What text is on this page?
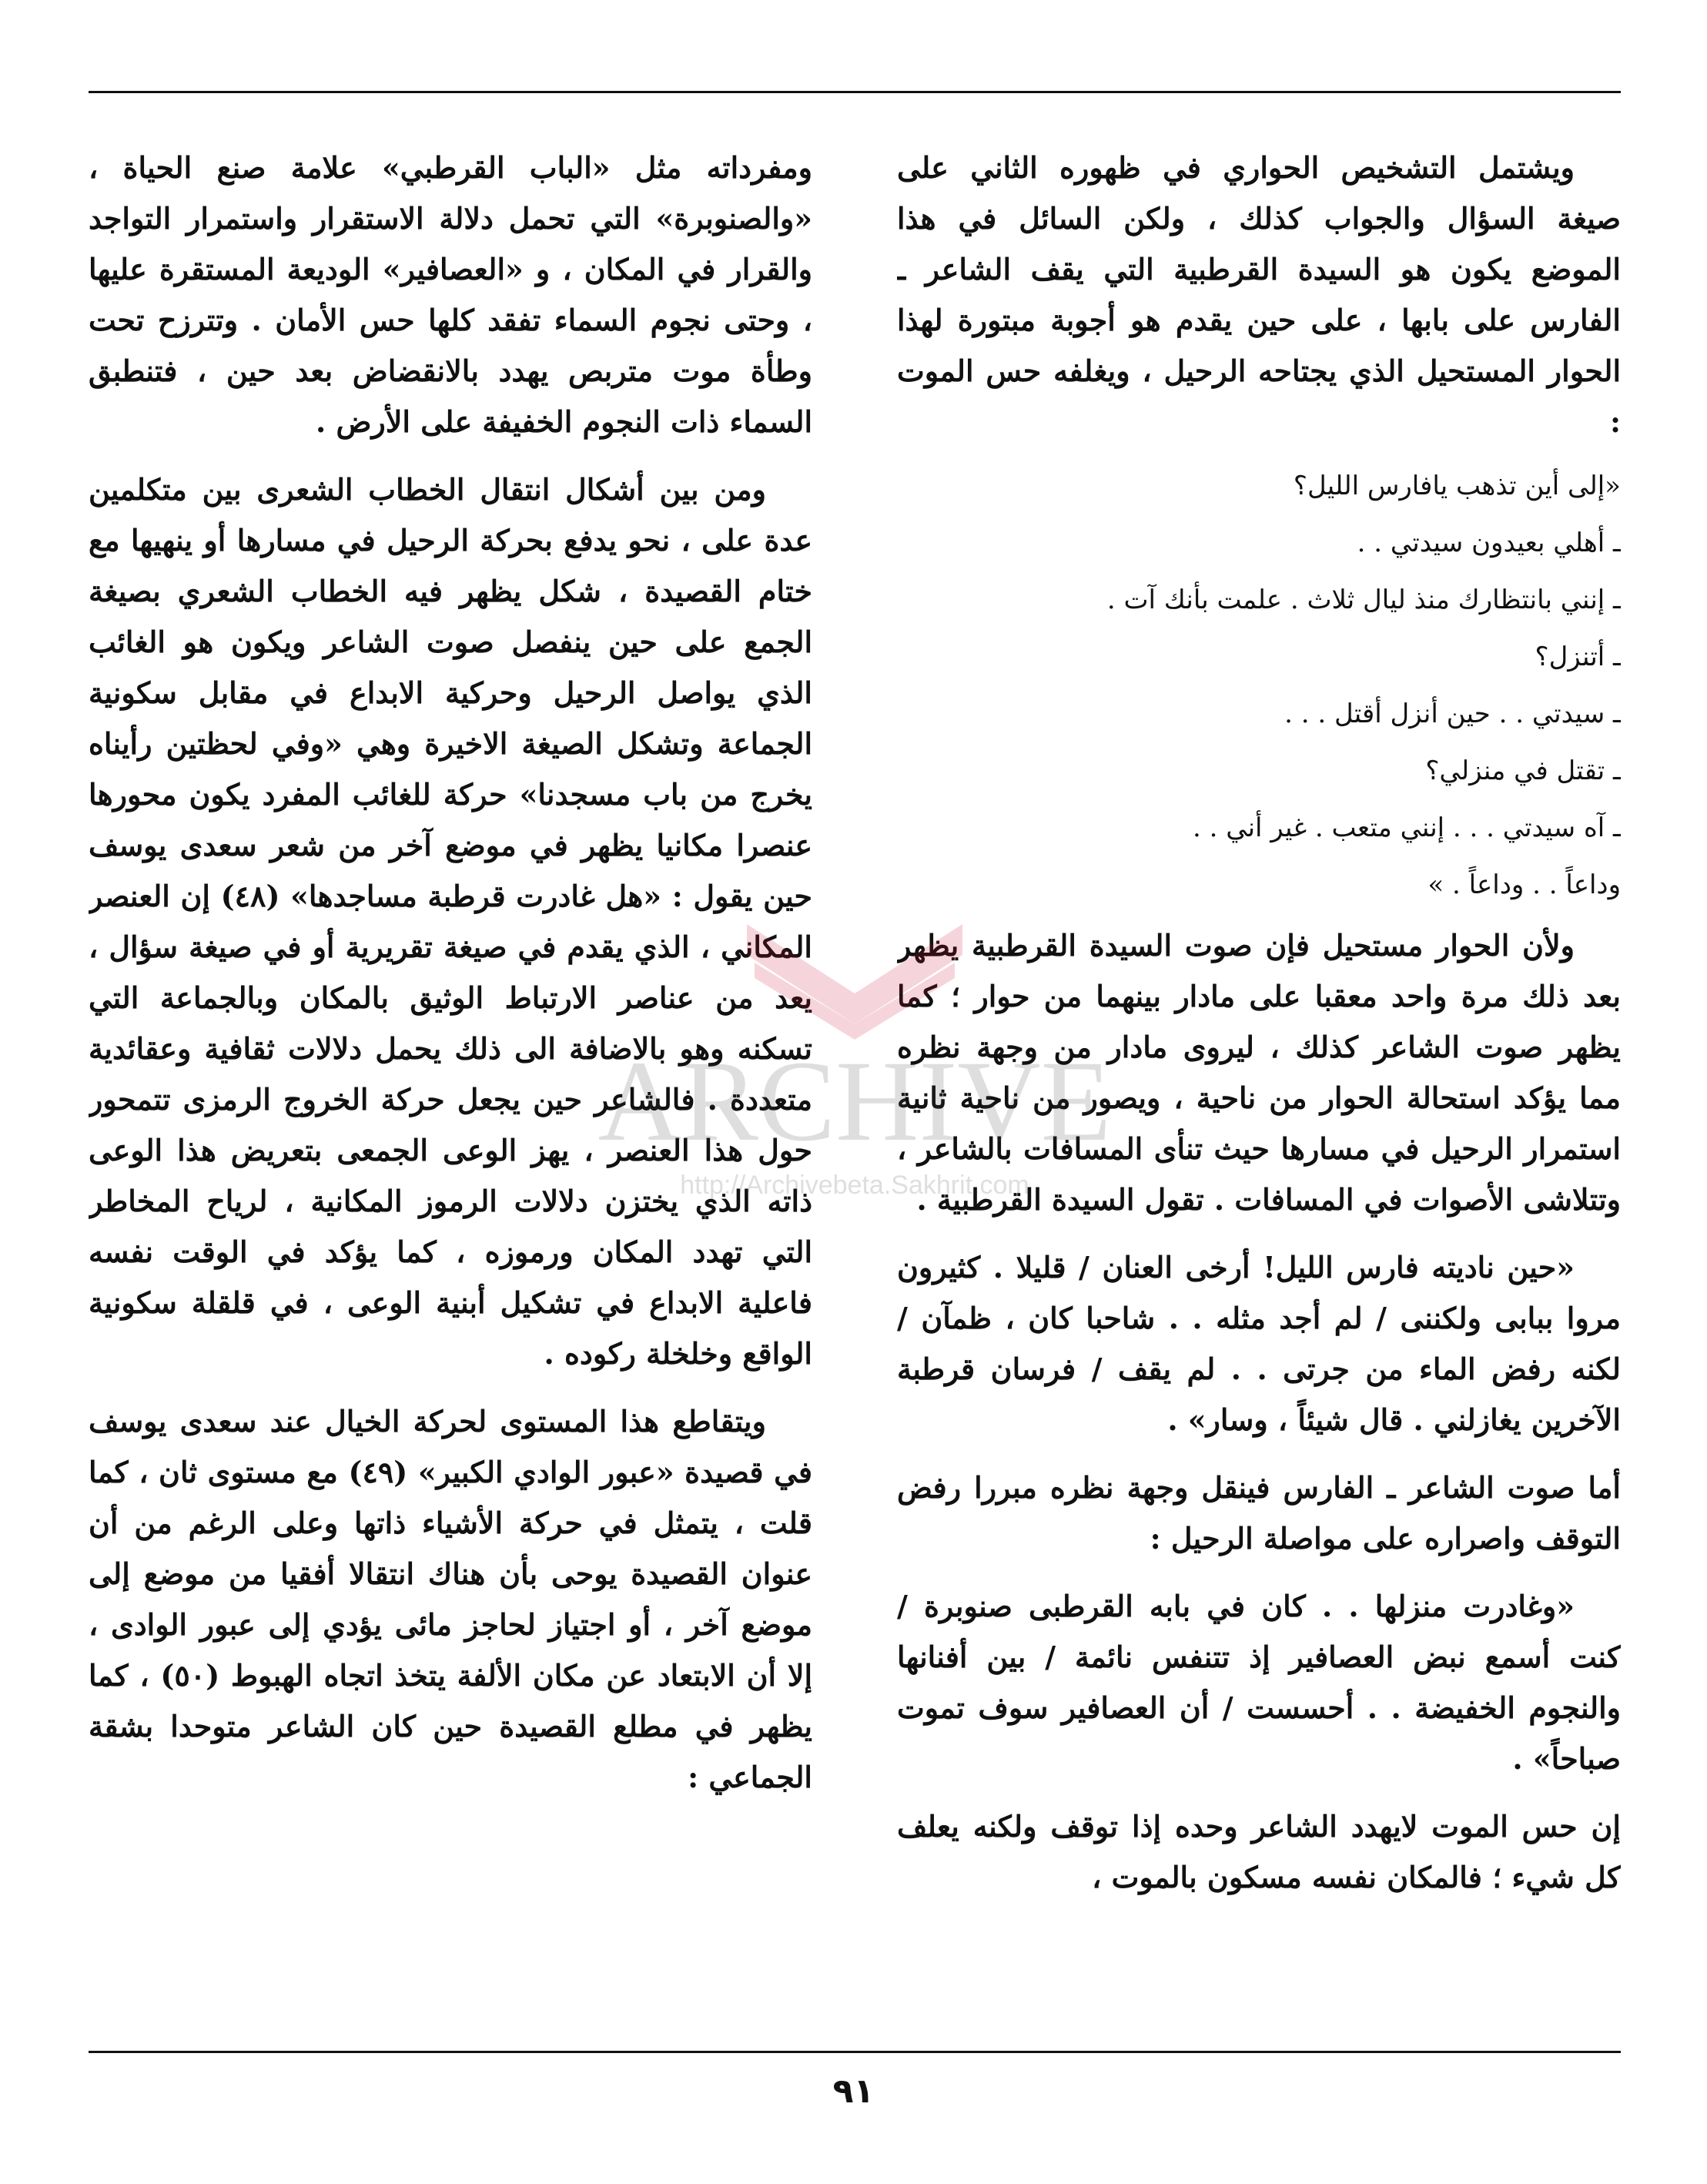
ويشتمل التشخيص الحواري في ظهوره الثاني على صيغة السؤال والجواب كذلك ، ولكن السائل في هذا الموضع يكون هو السيدة القرطبية التي يقف الشاعر ـ الفارس على بابها ، على حين يقدم هو أجوبة مبتورة لهذا الحوار المستحيل الذي يجتاحه الرحيل ، ويغلفه حس الموت :

«إلى أين تذهب يافارس الليل؟

ـ أهلي بعيدون سيدتي . .

ـ إنني بانتظارك منذ ليال ثلاث . علمت بأنك آت .

ـ أتنزل؟

ـ سيدتي . . حين أنزل أقتل . . .

ـ تقتل في منزلي؟

ـ آه سيدتي . . . إنني متعب . غير أني . .

وداعاً . . وداعاً . »

ولأن الحوار مستحيل فإن صوت السيدة القرطبية يظهر بعد ذلك مرة واحد معقبا على مادار بينهما من حوار ؛ كما يظهر صوت الشاعر كذلك ، ليروى مادار من وجهة نظره مما يؤكد استحالة الحوار من ناحية ، ويصور من ناحية ثانية استمرار الرحيل في مسارها حيث تنأى المسافات بالشاعر ، وتتلاشى الأصوات في المسافات . تقول السيدة القرطبية .

«حين ناديته فارس الليل! أرخى العنان / قليلا . كثيرون مروا ببابى ولكننى / لم أجد مثله . . شاحبا كان ، ظمآن / لكنه رفض الماء من جرتى . . لم يقف / فرسان قرطبة الآخرين يغازلني . قال شيئاً ، وسار» .

أما صوت الشاعر ـ الفارس فينقل وجهة نظره مبررا رفض التوقف واصراره على مواصلة الرحيل :

«وغادرت منزلها . . كان في بابه القرطبى صنوبرة / كنت أسمع نبض العصافير إذ تتنفس نائمة / بين أفنانها والنجوم الخفيضة . . أحسست / أن العصافير سوف تموت صباحاً» .

إن حس الموت لايهدد الشاعر وحده إذا توقف ولكنه يعلف كل شيء ؛ فالمكان نفسه مسكون بالموت ،

ومفرداته مثل «الباب القرطبي» علامة صنع الحياة ، «والصنوبرة» التي تحمل دلالة الاستقرار واستمرار التواجد والقرار في المكان ، و «العصافير» الوديعة المستقرة عليها ، وحتى نجوم السماء تفقد كلها حس الأمان . وتترزح تحت وطأة موت متربص يهدد بالانقضاض بعد حين ، فتنطبق السماء ذات النجوم الخفيفة على الأرض .

ومن بين أشكال انتقال الخطاب الشعرى بين متكلمين عدة على ، نحو يدفع بحركة الرحيل في مسارها أو ينهيها مع ختام القصيدة ، شكل يظهر فيه الخطاب الشعري بصيغة الجمع على حين ينفصل صوت الشاعر ويكون هو الغائب الذي يواصل الرحيل وحركية الابداع في مقابل سكونية الجماعة وتشكل الصيغة الاخيرة وهي «وفي لحظتين رأيناه يخرج من باب مسجدنا» حركة للغائب المفرد يكون محورها عنصرا مكانيا يظهر في موضع آخر من شعر سعدى يوسف حين يقول : «هل غادرت قرطبة مساجدها» (٤٨) إن العنصر المكاني ، الذي يقدم في صيغة تقريرية أو في صيغة سؤال ، يعد من عناصر الارتباط الوثيق بالمكان وبالجماعة التي تسكنه وهو بالاضافة الى ذلك يحمل دلالات ثقافية وعقائدية متعددة . فالشاعر حين يجعل حركة الخروج الرمزى تتمحور حول هذا العنصر ، يهز الوعى الجمعى بتعريض هذا الوعى ذاته الذي يختزن دلالات الرموز المكانية ، لرياح المخاطر التي تهدد المكان ورموزه ، كما يؤكد في الوقت نفسه فاعلية الابداع في تشكيل أبنية الوعى ، في قلقلة سكونية الواقع وخلخلة ركوده .

ويتقاطع هذا المستوى لحركة الخيال عند سعدى يوسف في قصيدة «عبور الوادي الكبير» (٤٩) مع مستوى ثان ، كما قلت ، يتمثل في حركة الأشياء ذاتها وعلى الرغم من أن عنوان القصيدة يوحى بأن هناك انتقالا أفقيا من موضع إلى موضع آخر ، أو اجتياز لحاجز مائى يؤدي إلى عبور الوادى ، إلا أن الابتعاد عن مكان الألفة يتخذ اتجاه الهبوط (٥٠) ، كما يظهر في مطلع القصيدة حين كان الشاعر متوحدا بشقة الجماعي :

ARCHIVE
http://Archivebeta.Sakhrit.com
٩١
